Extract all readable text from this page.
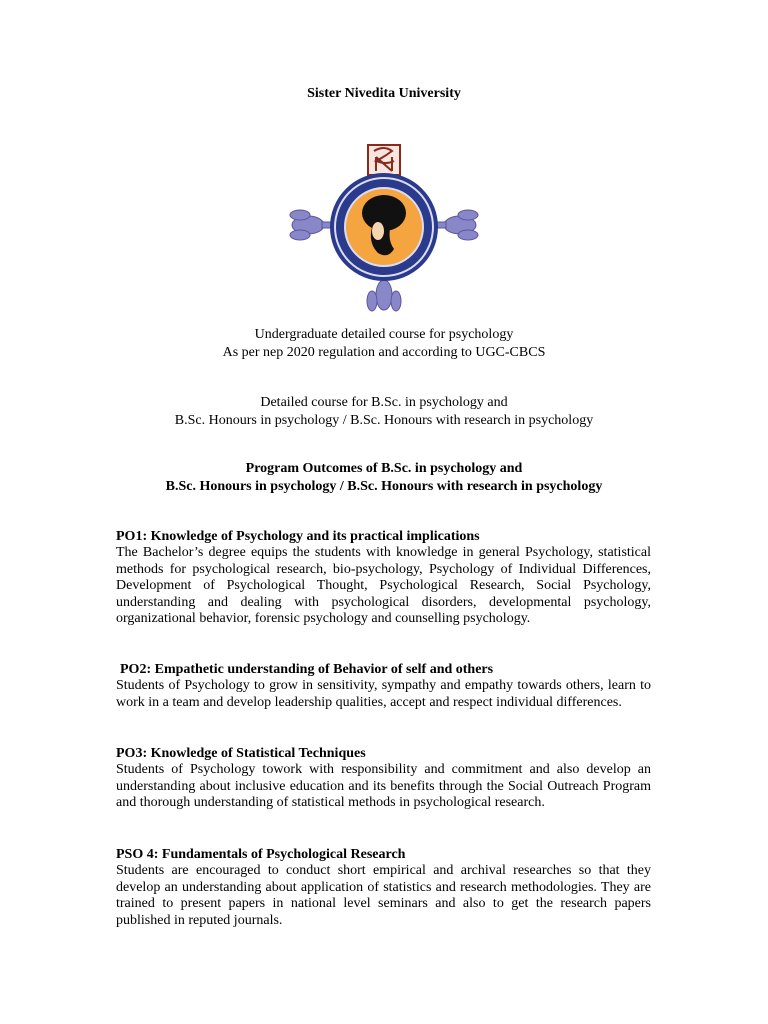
Sister Nivedita University
Undergraduate detailed course for psychology
As per nep 2020 regulation and according to UGC-CBCS
Detailed course for B.Sc. in psychology and
B.Sc. Honours in psychology / B.Sc. Honours with research in psychology
Program Outcomes of B.Sc. in psychology and
B.Sc. Honours in psychology / B.Sc. Honours with research in psychology
PO1: Knowledge of Psychology and its practical implications

The Bachelor’s degree equips the students with knowledge in general Psychology, statistical methods for psychological research, bio-psychology, Psychology of Individual Differences, Development of Psychological Thought, Psychological Research, Social Psychology, understanding and dealing with psychological disorders, developmental psychology, organizational behavior, forensic psychology and counselling psychology.

PO2: Empathetic understanding of Behavior of self and others

Students of Psychology to grow in sensitivity, sympathy and empathy towards others, learn to work in a team and develop leadership qualities, accept and respect individual differences.

PO3: Knowledge of Statistical Techniques

Students of Psychology towork with responsibility and commitment and also develop an understanding about inclusive education and its benefits through the Social Outreach Program and thorough understanding of statistical methods in psychological research.

PSO 4: Fundamentals of Psychological Research

Students are encouraged to conduct short empirical and archival researches so that they develop an understanding about application of statistics and research methodologies. They are trained to present papers in national level seminars and also to get the research papers published in reputed journals.
